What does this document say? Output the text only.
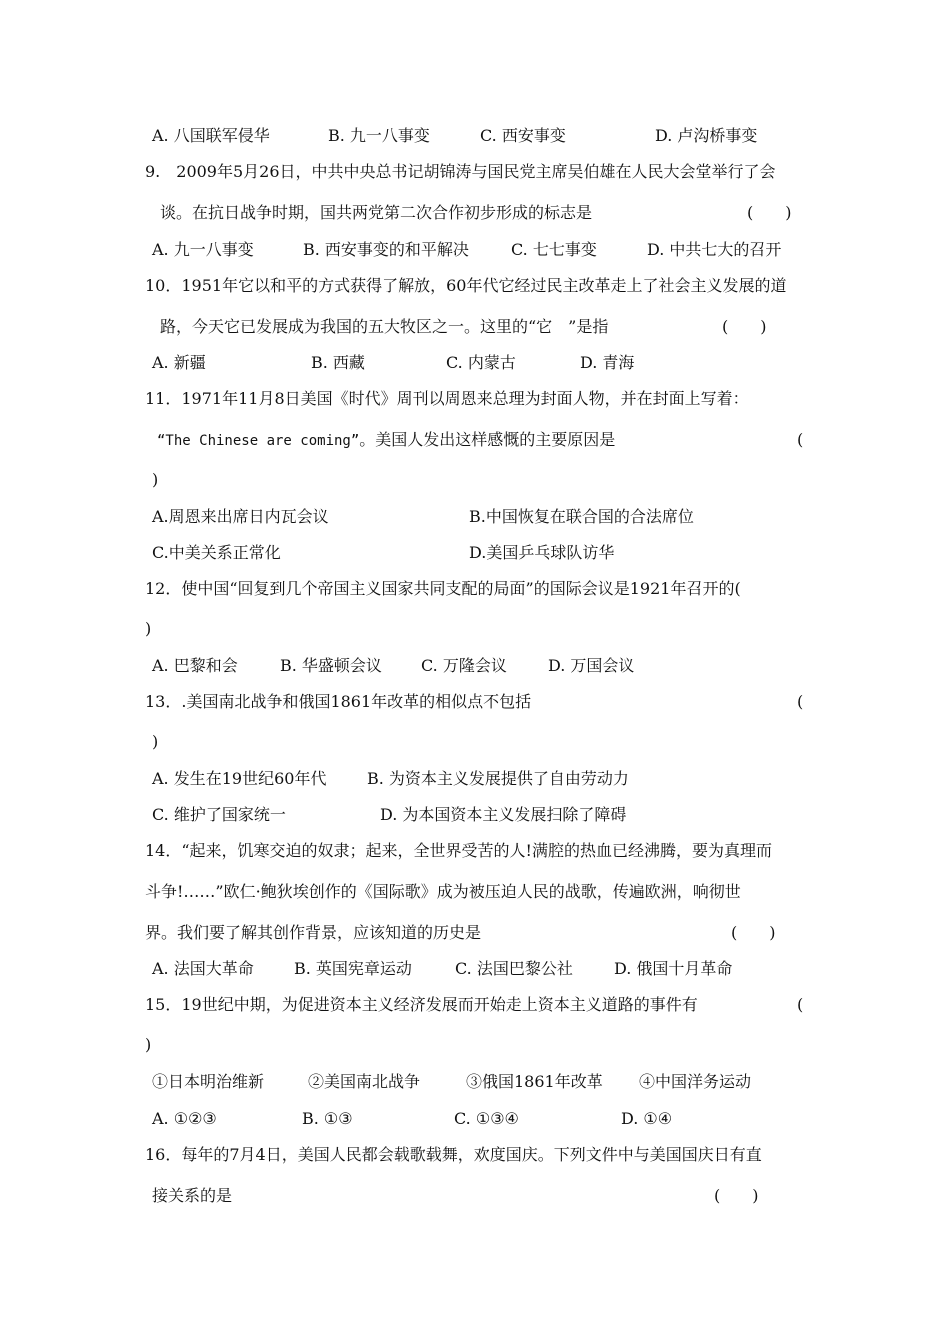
A. 八国联军侵华	B. 九一八事变	C. 西安事变	D. 卢沟桥事变
9.　2009年5月26日，中共中央总书记胡锦涛与国民党主席吴伯雄在人民大会堂举行了会
谈。在抗日战争时期，国共两党第二次合作初步形成的标志是	(　　)
A. 九一八事变	B. 西安事变的和平解决	C. 七七事变	D. 中共七大的召开
10．1951年它以和平的方式获得了解放，60年代它经过民主改革走上了社会主义发展的道
路，今天它已发展成为我国的五大牧区之一。这里的“它　”是指	(　　)
A. 新疆	B. 西藏	C. 内蒙古	D. 青海
11．1971年11月8日美国《时代》周刊以周恩来总理为封面人物，并在封面上写着：
“The Chinese are coming”。美国人发出这样感慨的主要原因是	(
)
A.周恩来出席日内瓦会议	B.中国恢复在联合国的合法席位
C.中美关系正常化	D.美国乒乓球队访华
12．使中国“回复到几个帝国主义国家共同支配的局面”的国际会议是1921年召开的(
)
A. 巴黎和会	B. 华盛顿会议 C. 万隆会议	D. 万国会议
13．.美国南北战争和俄国1861年改革的相似点不包括	(
)
A. 发生在19世纪60年代	B. 为资本主义发展提供了自由劳动力
C. 维护了国家统一	D. 为本国资本主义发展扫除了障碍
14．“起来，饥寒交迫的奴隶；起来，全世界受苦的人!满腔的热血已经沸腾，要为真理而
斗争!……”欧仁·鲍狄埃创作的《国际歌》成为被压迫人民的战歌，传遍欧洲，响彻世
界。我们要了解其创作背景，应该知道的历史是	(　　)
A. 法国大革命	B. 英国宪章运动	C. 法国巴黎公社	D. 俄国十月革命
15．19世纪中期，为促进资本主义经济发展而开始走上资本主义道路的事件有	(
)
①日本明治维新	②美国南北战争	③俄国1861年改革 ④中国洋务运动
A. ①②③	B. ①③	C. ①③④	D. ①④
16．每年的7月4日，美国人民都会载歌载舞，欢度国庆。下列文件中与美国国庆日有直
接关系的是	(　　)
